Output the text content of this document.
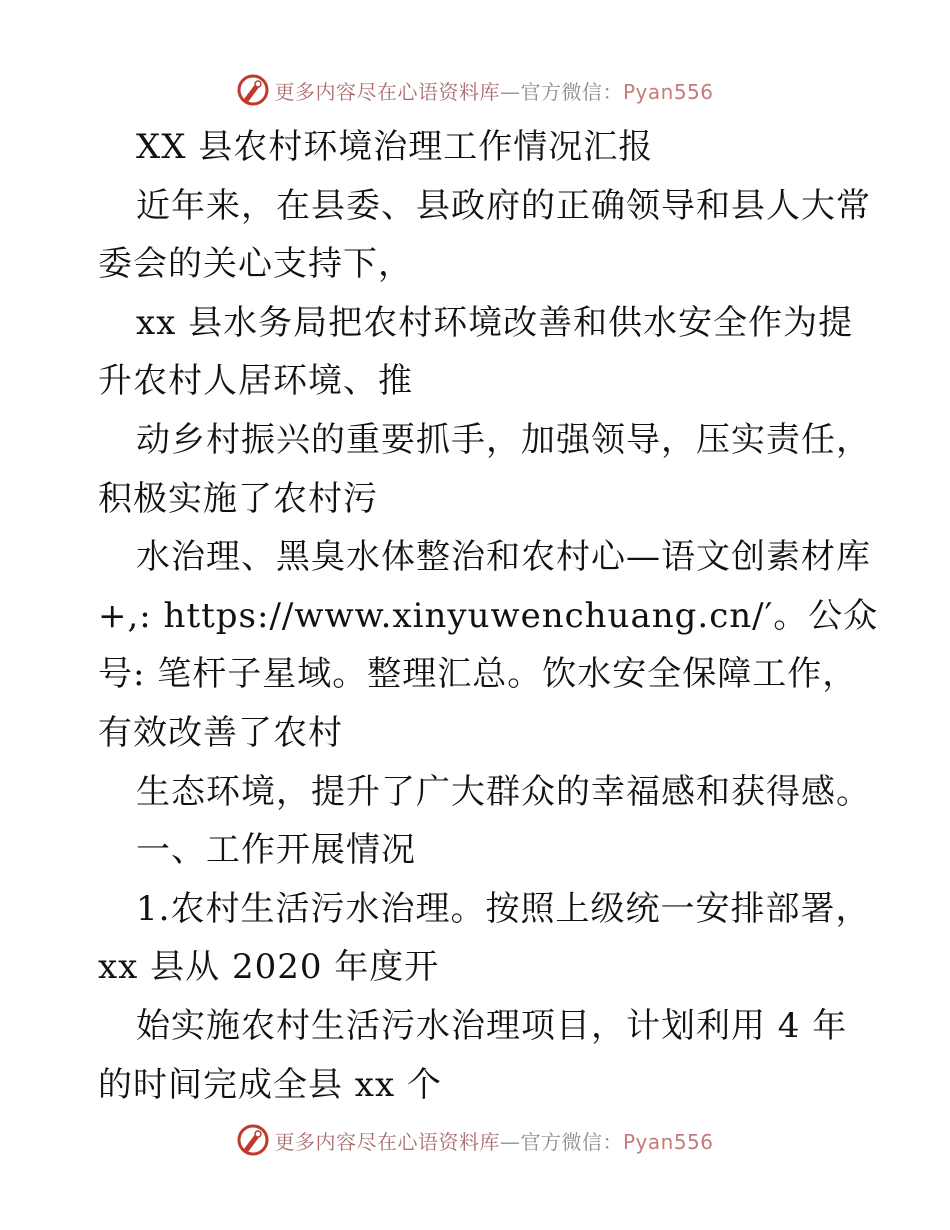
更多内容尽在心语资料库—官方微信：Pyan556
XX 县农村环境治理工作情况汇报
近年来，在县委、县政府的正确领导和县人大常
委会的关心支持下，
xx 县水务局把农村环境改善和供水安全作为提
升农村人居环境、推
动乡村振兴的重要抓手，加强领导，压实责任，
积极实施了农村污
水治理、黑臭水体整治和农村心—语文创素材库
+,: https://www.xinyuwenchuang.cn/′。公众
号: 笔杆子星域。整理汇总。饮水安全保障工作，
有效改善了农村
生态环境，提升了广大群众的幸福感和获得感。
一、工作开展情况
1.农村生活污水治理。按照上级统一安排部署，
xx 县从 2020 年度开
始实施农村生活污水治理项目，计划利用 4 年
的时间完成全县 xx 个
更多内容尽在心语资料库—官方微信：Pyan556
